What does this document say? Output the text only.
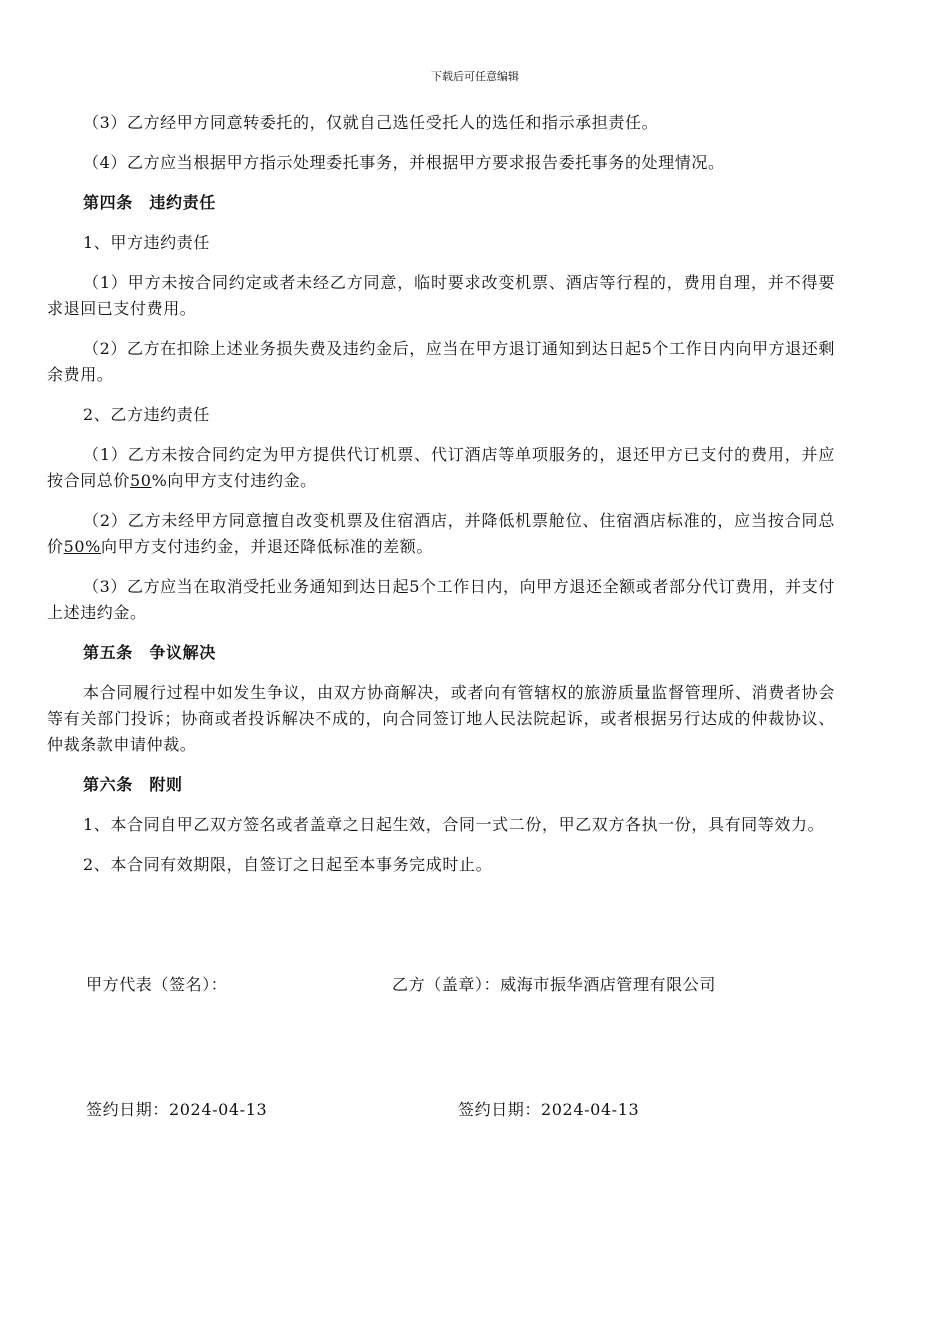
下载后可任意编辑

（3）乙方经甲方同意转委托的，仅就自己选任受托人的选任和指示承担责任。

（4）乙方应当根据甲方指示处理委托事务，并根据甲方要求报告委托事务的处理情况。

第四条　违约责任

1、甲方违约责任

（1）甲方未按合同约定或者未经乙方同意，临时要求改变机票、酒店等行程的，费用自理，并不得要求退回已支付费用。

（2）乙方在扣除上述业务损失费及违约金后，应当在甲方退订通知到达日起5个工作日内向甲方退还剩余费用。

2、乙方违约责任

（1）乙方未按合同约定为甲方提供代订机票、代订酒店等单项服务的，退还甲方已支付的费用，并应按合同总价50%向甲方支付违约金。

（2）乙方未经甲方同意擅自改变机票及住宿酒店，并降低机票舱位、住宿酒店标准的，应当按合同总价50%向甲方支付违约金，并退还降低标准的差额。

（3）乙方应当在取消受托业务通知到达日起5个工作日内，向甲方退还全额或者部分代订费用，并支付上述违约金。

第五条　争议解决

本合同履行过程中如发生争议，由双方协商解决，或者向有管辖权的旅游质量监督管理所、消费者协会等有关部门投诉；协商或者投诉解决不成的，向合同签订地人民法院起诉，或者根据另行达成的仲裁协议、仲裁条款申请仲裁。

第六条　附则

1、本合同自甲乙双方签名或者盖章之日起生效，合同一式二份，甲乙双方各执一份，具有同等效力。

2、本合同有效期限，自签订之日起至本事务完成时止。

甲方代表（签名）：	乙方（盖章）：威海市振华酒店管理有限公司
签约日期：2024-04-13	签约日期：2024-04-13
